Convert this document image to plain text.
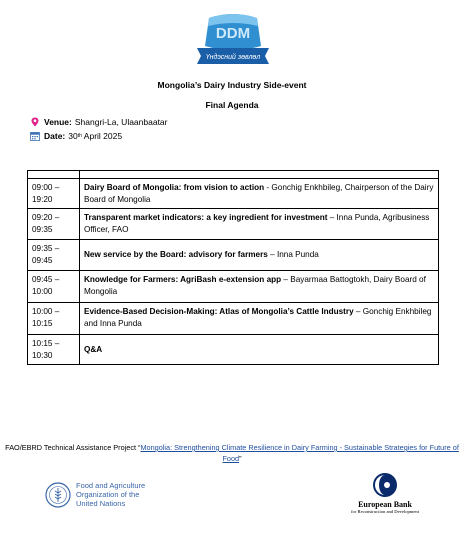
DDM
Үндэсний зөвлөл
Mongolia’s Dairy Industry Side-event
Final Agenda
Venue: Shangri-La, Ulaanbaatar
Date: 30 th April 2025

09:00 –
19:20	Dairy Board of Mongolia: from vision to action - Gonchig Enkhbileg, Chairperson of the Dairy Board of Mongolia

09:20 –
09:35	Transparent market indicators: a key ingredient for investment – Inna Punda, Agribusiness Officer, FAO

09:35 –
09:45	New service by the Board: advisory for farmers – Inna Punda

09:45 –
10:00	Knowledge for Farmers: AgriBash e-extension app – Bayarmaa Battogtokh, Dairy Board of Mongolia

10:00 –
10:15	Evidence-Based Decision-Making: Atlas of Mongolia’s Cattle Industry – Gonchig Enkhbileg and Inna Punda

10:15 –
10:30	Q&A
FAO/EBRD Technical Assistance Project “Mongolia: Strengthening Climate Resilience in Dairy Farming - Sustainable Strategies for Future of Food”
Food and Agriculture
Organization of the
United Nations	European Bank
for Reconstruction and Development
